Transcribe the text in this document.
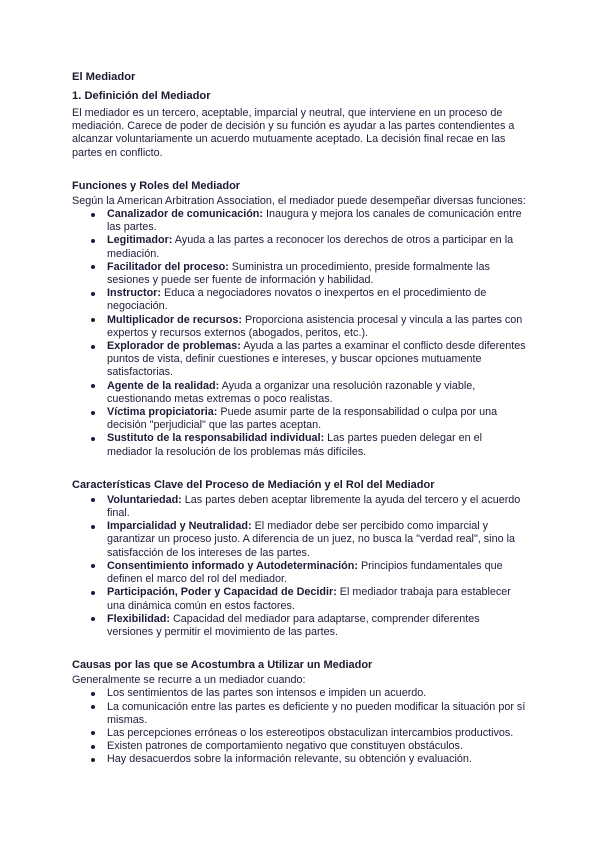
El Mediador
1. Definición del Mediador

El mediador es un tercero, aceptable, imparcial y neutral, que interviene en un proceso de mediación. Carece de poder de decisión y su función es ayudar a las partes contendientes a alcanzar voluntariamente un acuerdo mutuamente aceptado. La decisión final recae en las partes en conflicto.

Funciones y Roles del Mediador

Según la American Arbitration Association, el mediador puede desempeñar diversas funciones:

Canalizador de comunicación: Inaugura y mejora los canales de comunicación entre las partes.
Legitimador: Ayuda a las partes a reconocer los derechos de otros a participar en la mediación.
Facilitador del proceso: Suministra un procedimiento, preside formalmente las sesiones y puede ser fuente de información y habilidad.
Instructor: Educa a negociadores novatos o inexpertos en el procedimiento de negociación.
Multiplicador de recursos: Proporciona asistencia procesal y vincula a las partes con expertos y recursos externos (abogados, peritos, etc.).
Explorador de problemas: Ayuda a las partes a examinar el conflicto desde diferentes puntos de vista, definir cuestiones e intereses, y buscar opciones mutuamente satisfactorias.
Agente de la realidad: Ayuda a organizar una resolución razonable y viable, cuestionando metas extremas o poco realistas.
Víctima propiciatoria: Puede asumir parte de la responsabilidad o culpa por una decisión "perjudicial" que las partes aceptan.
Sustituto de la responsabilidad individual: Las partes pueden delegar en el mediador la resolución de los problemas más difíciles.
Características Clave del Proceso de Mediación y el Rol del Mediador
Voluntariedad: Las partes deben aceptar libremente la ayuda del tercero y el acuerdo final.
Imparcialidad y Neutralidad: El mediador debe ser percibido como imparcial y garantizar un proceso justo. A diferencia de un juez, no busca la "verdad real", sino la satisfacción de los intereses de las partes.
Consentimiento informado y Autodeterminación: Principios fundamentales que definen el marco del rol del mediador.
Participación, Poder y Capacidad de Decidir: El mediador trabaja para establecer una dinámica común en estos factores.
Flexibilidad: Capacidad del mediador para adaptarse, comprender diferentes versiones y permitir el movimiento de las partes.
Causas por las que se Acostumbra a Utilizar un Mediador

Generalmente se recurre a un mediador cuando:

Los sentimientos de las partes son intensos e impiden un acuerdo.
La comunicación entre las partes es deficiente y no pueden modificar la situación por sí mismas.
Las percepciones erróneas o los estereotipos obstaculizan intercambios productivos.
Existen patrones de comportamiento negativo que constituyen obstáculos.
Hay desacuerdos sobre la información relevante, su obtención y evaluación.
